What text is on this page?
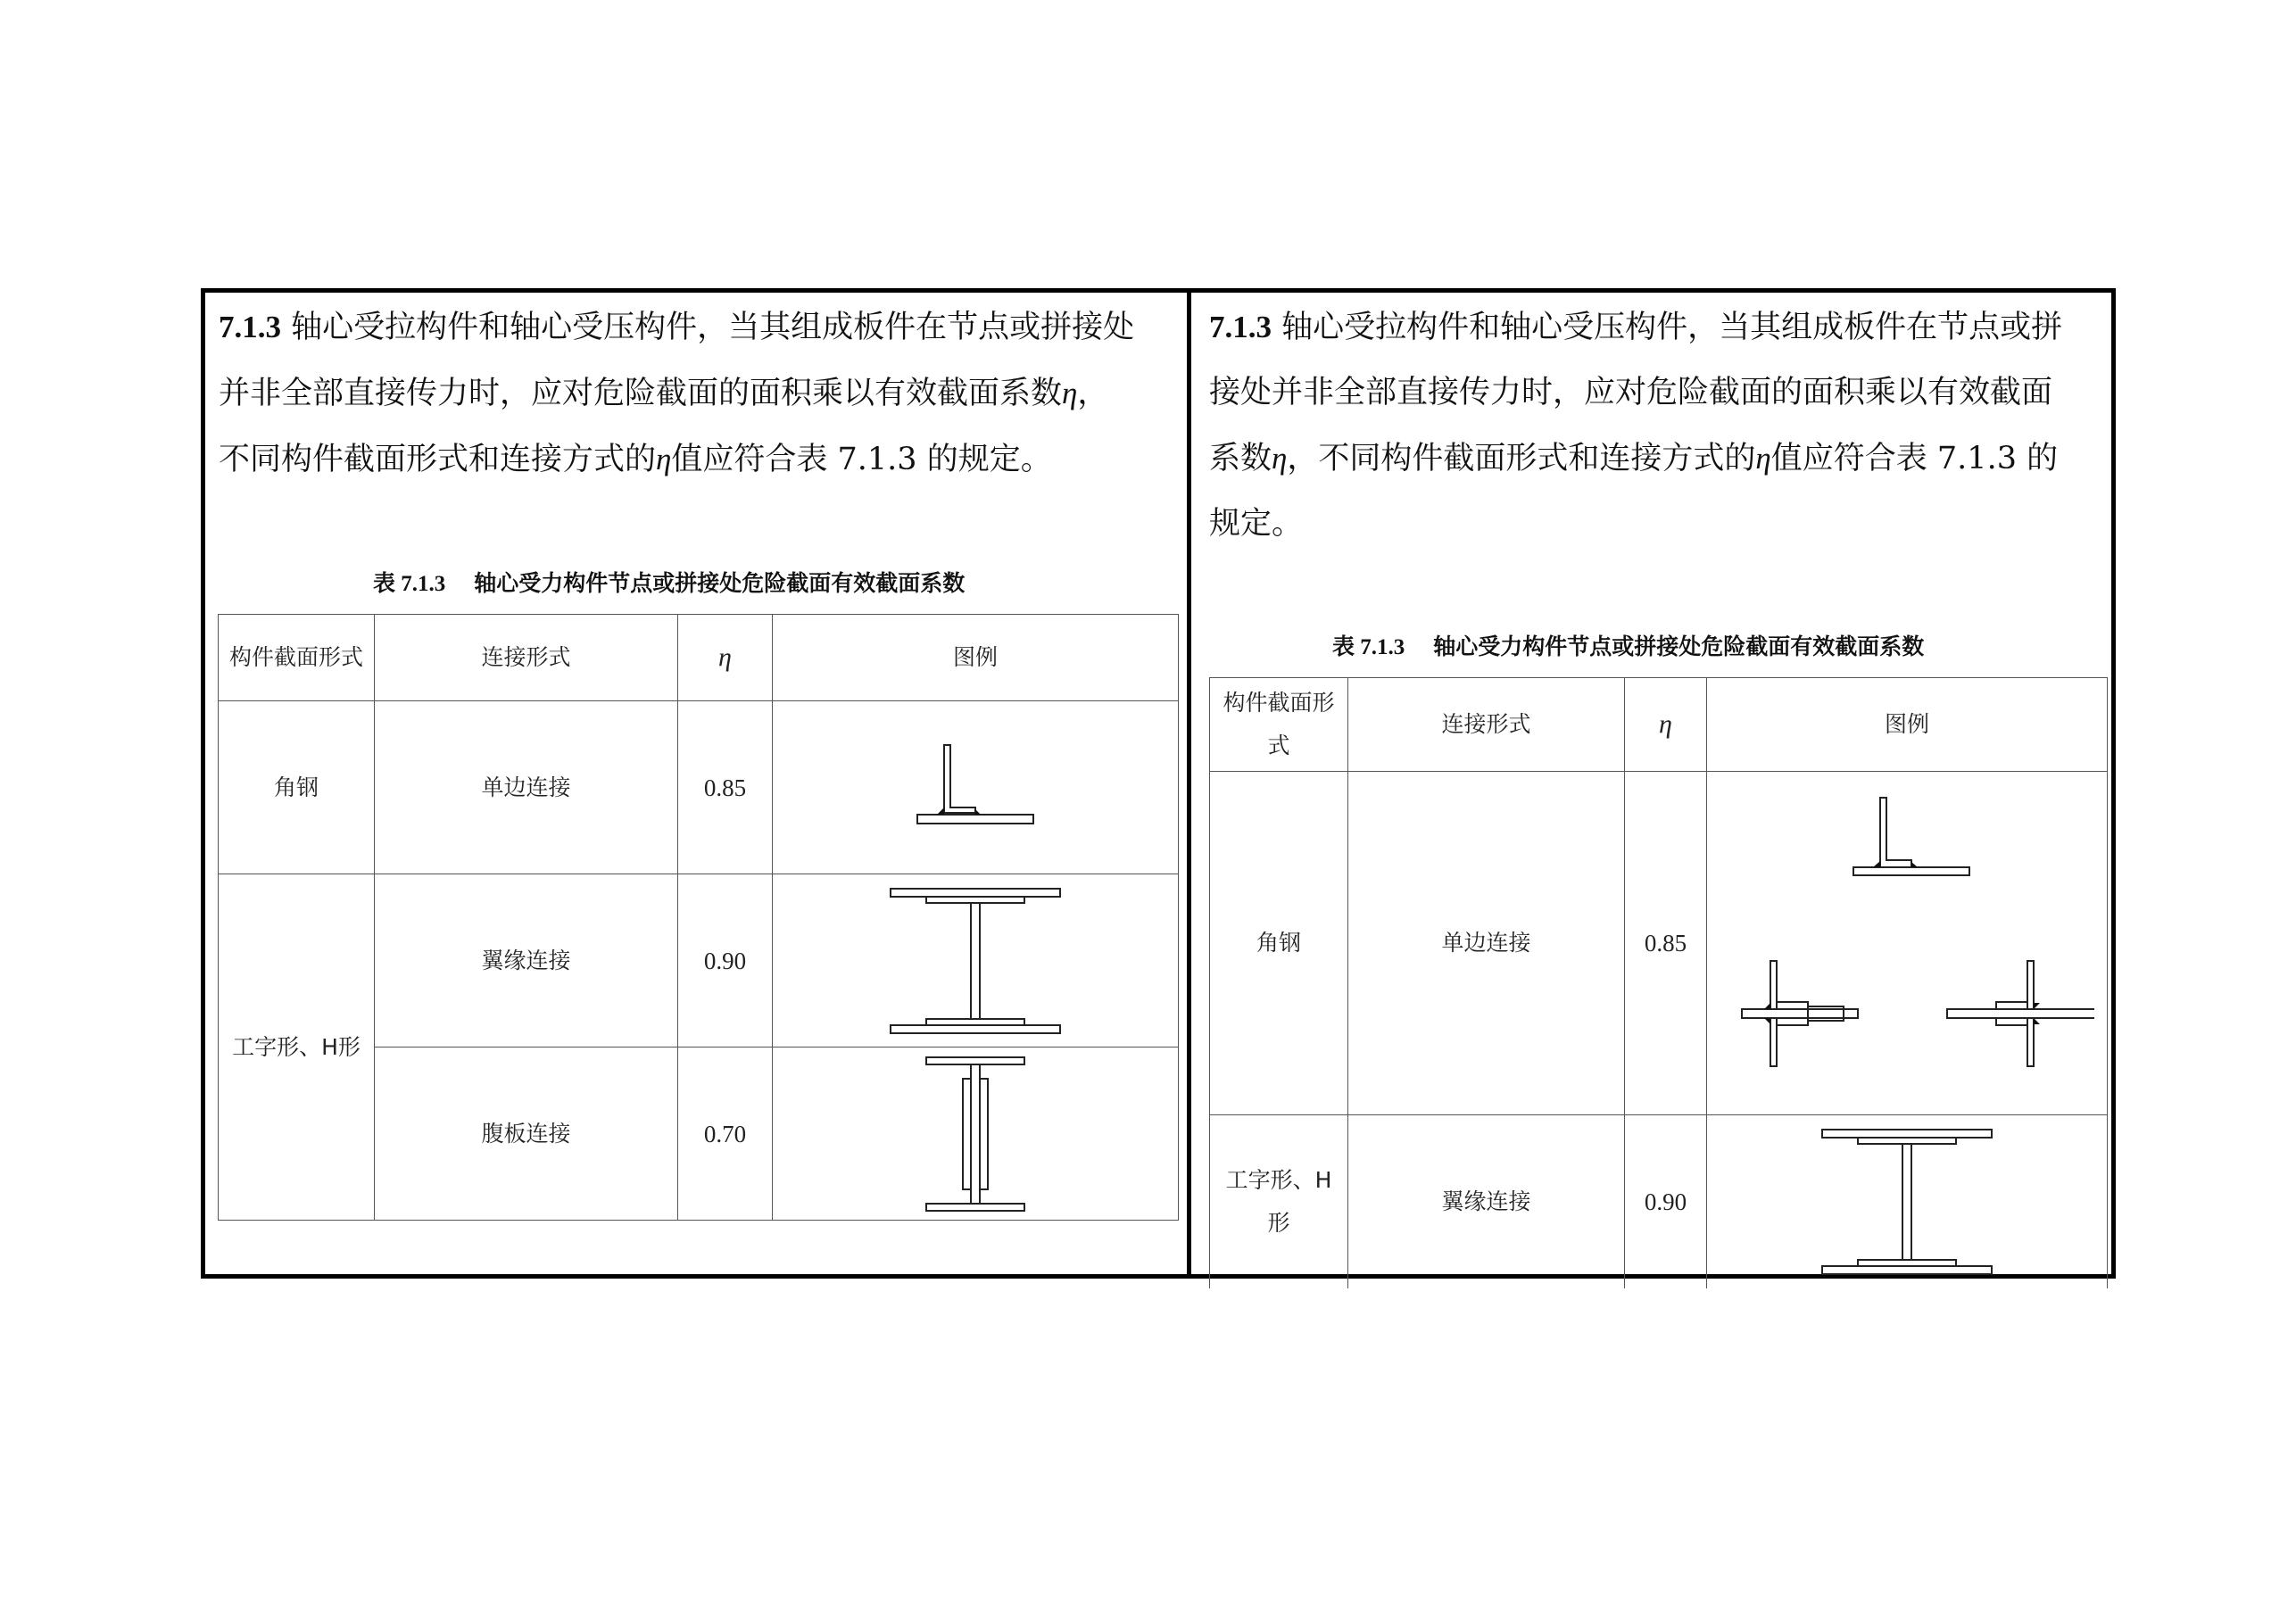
7.1.3 轴心受拉构件和轴心受压构件，当其组成板件在节点或拼接处
并非全部直接传力时，应对危险截面的面积乘以有效截面系数η，
不同构件截面形式和连接方式的η值应符合表 7.1.3 的规定。

表 7.1.3 轴心受力构件节点或拼接处危险截面有效截面系数

构件截面形式	连接形式	η	图例
角钢	单边连接	0.85	

工字形、H形	翼缘连接	0.90	

	腹板连接	0.70	

7.1.3 轴心受拉构件和轴心受压构件，当其组成板件在节点或拼
接处并非全部直接传力时，应对危险截面的面积乘以有效截面
系数η，不同构件截面形式和连接方式的η值应符合表 7.1.3 的
规定。

表 7.1.3 轴心受力构件节点或拼接处危险截面有效截面系数

构件截面形式	连接形式	η	图例
角钢	单边连接	0.85	

工字形、H形	翼缘连接	0.90	
